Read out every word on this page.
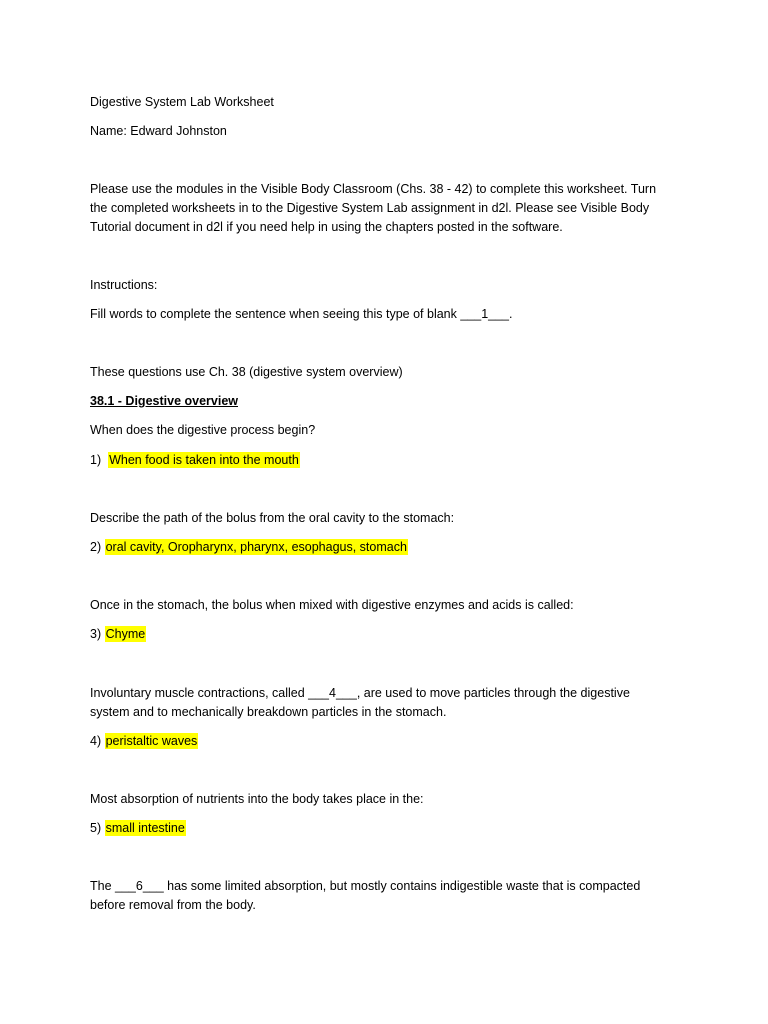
Digestive System Lab Worksheet
Name: Edward Johnston
Please use the modules in the Visible Body Classroom (Chs. 38 - 42) to complete this worksheet. Turn
the completed worksheets in to the Digestive System Lab assignment in d2l. Please see Visible Body
Tutorial document in d2l if you need help in using the chapters posted in the software.
Instructions:
Fill words to complete the sentence when seeing this type of blank ___1___.
These questions use Ch. 38 (digestive system overview)
38.1 - Digestive overview
When does the digestive process begin?
1) When food is taken into the mouth
Describe the path of the bolus from the oral cavity to the stomach:
2) oral cavity, Oropharynx, pharynx, esophagus, stomach
Once in the stomach, the bolus when mixed with digestive enzymes and acids is called:
3) Chyme
Involuntary muscle contractions, called ___4___, are used to move particles through the digestive
system and to mechanically breakdown particles in the stomach.
4) peristaltic waves
Most absorption of nutrients into the body takes place in the:
5) small intestine
The ___6___ has some limited absorption, but mostly contains indigestible waste that is compacted
before removal from the body.
